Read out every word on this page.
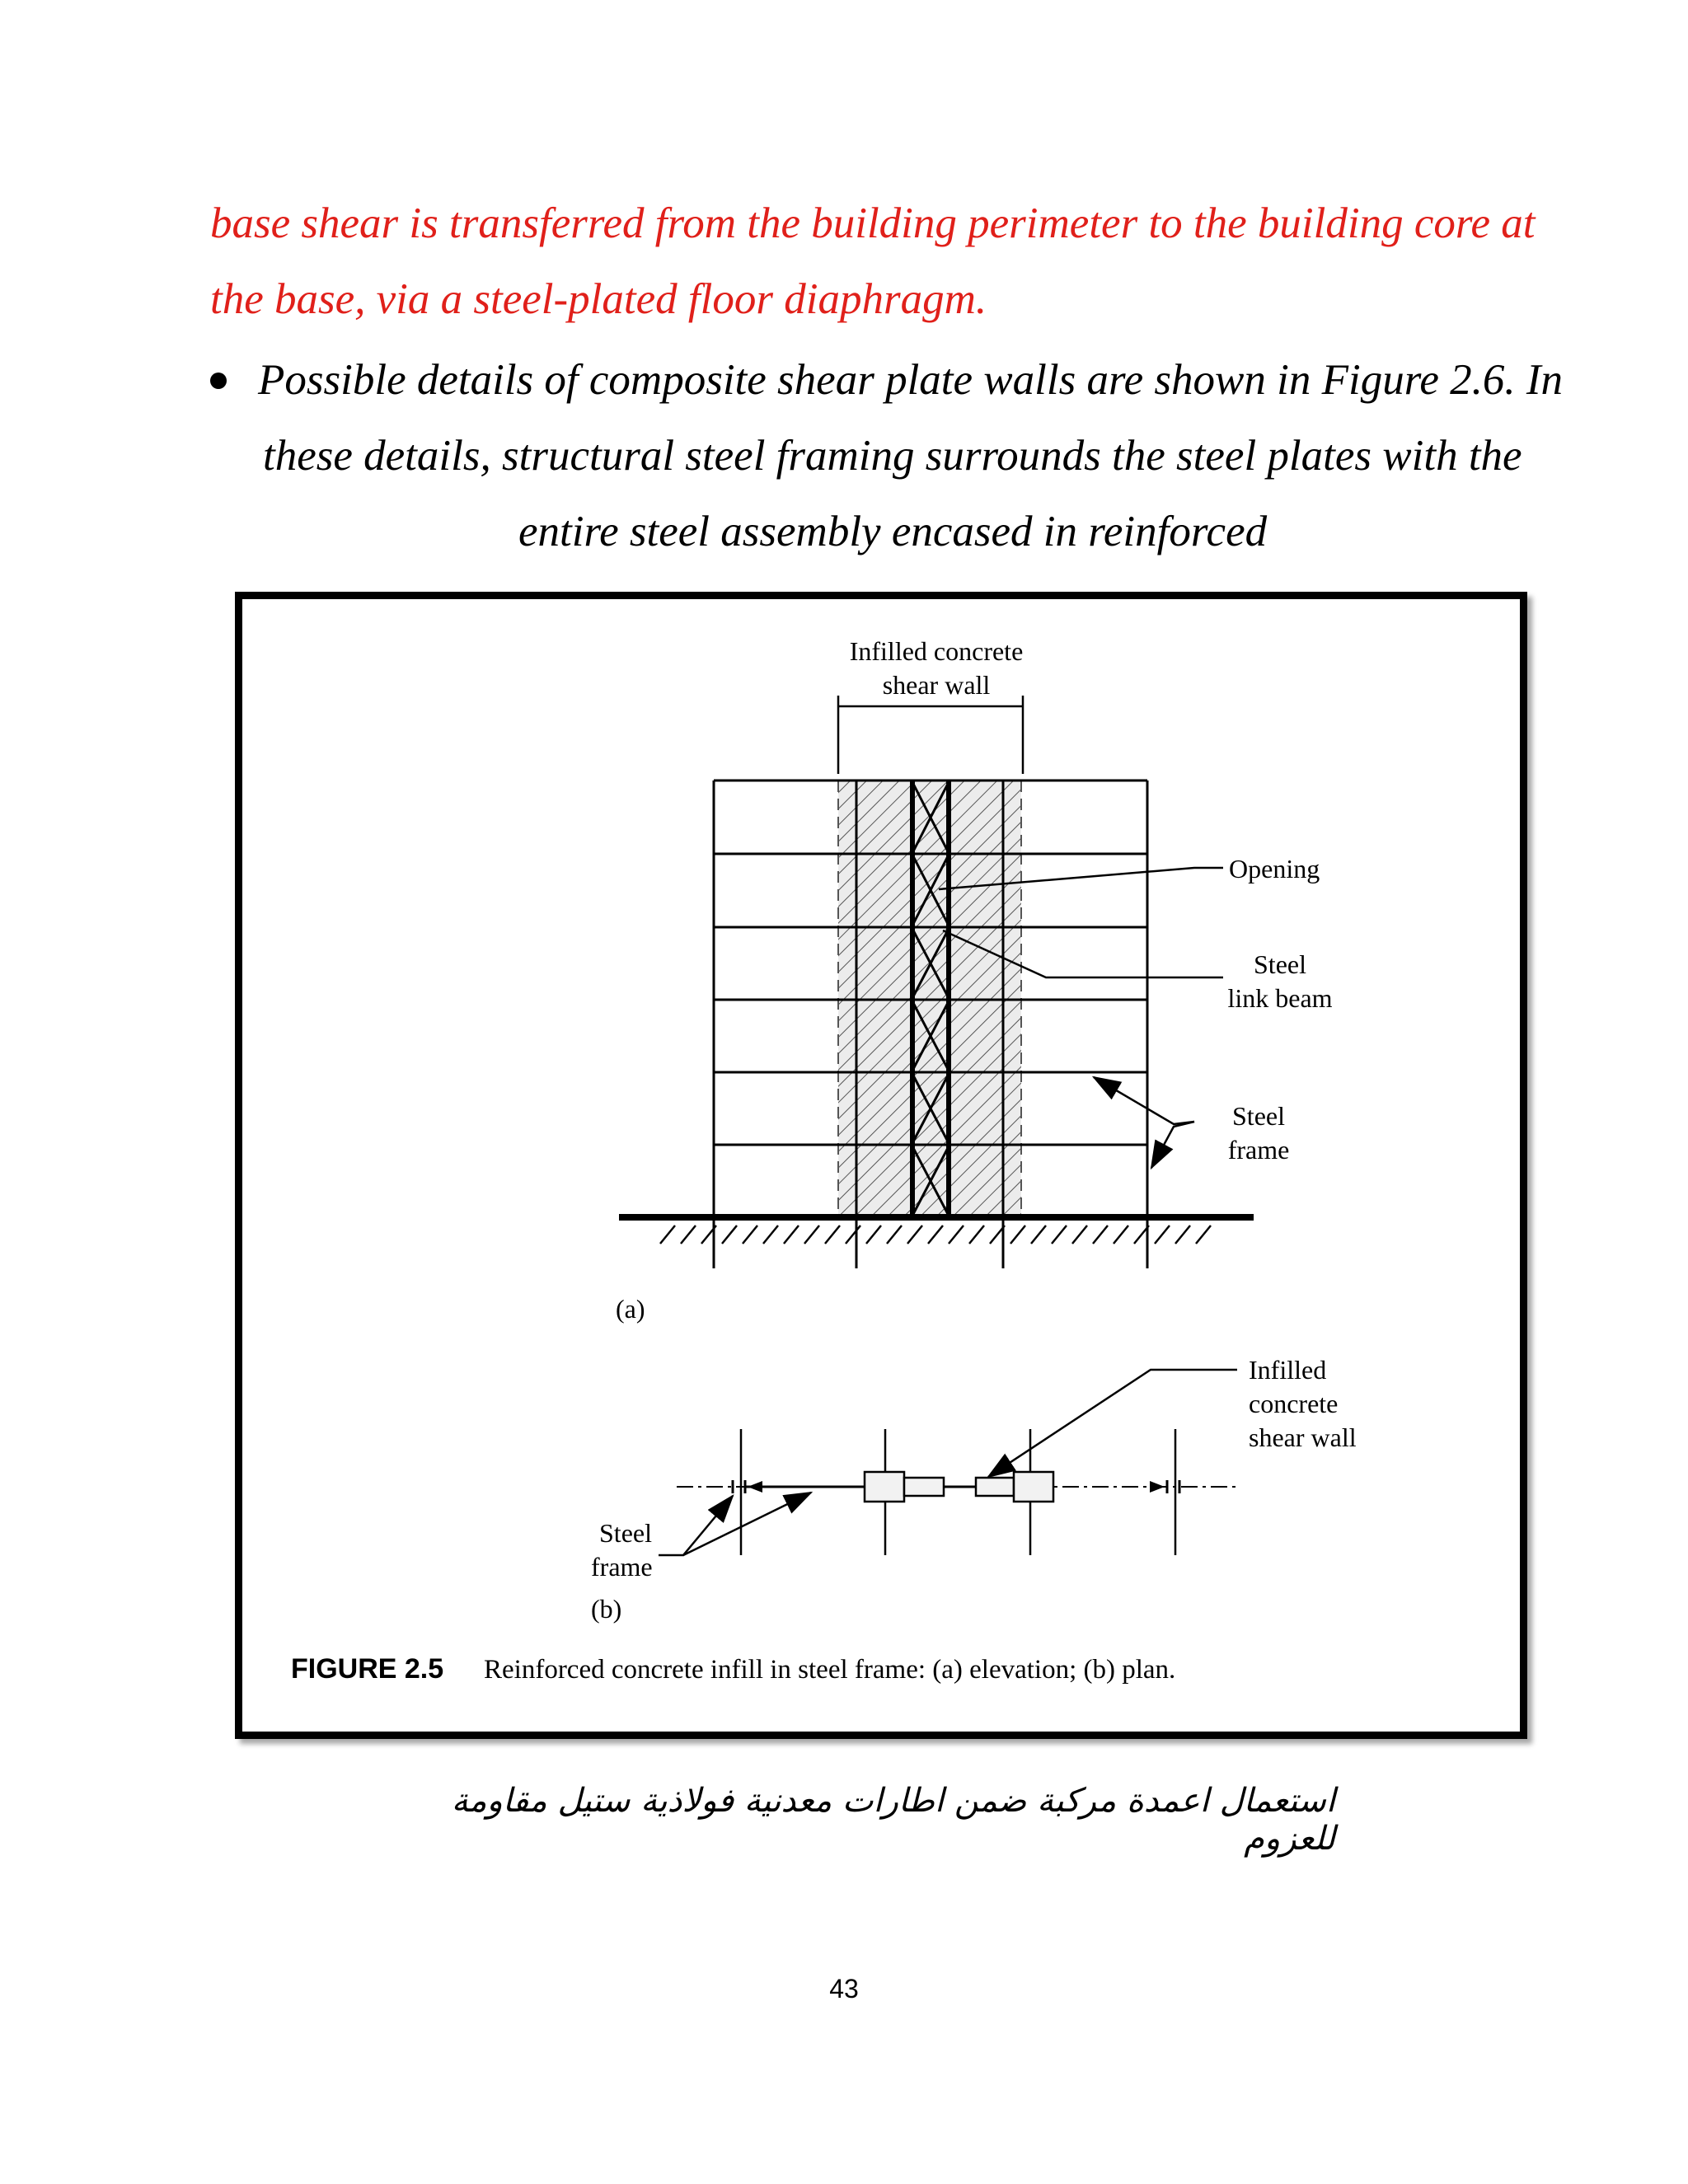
base shear is transferred from the building perimeter to the building core at
the base, via a steel-plated floor diaphragm.
Possible details of composite shear plate walls are shown in Figure 2.6. In
these details, structural steel framing surrounds the steel plates with the
entire steel assembly encased in reinforced
Infilled concrete
shear wall
Opening
Steel
link beam
Steel
frame
(a)
Infilled
concrete
shear wall
Steel
frame
(b)
FIGURE 2.5 Reinforced concrete infill in steel frame: (a) elevation; (b) plan.
استعمال اعمدة مركبة ضمن اطارات معدنية فولاذية ستيل مقاومة للعزوم
43
